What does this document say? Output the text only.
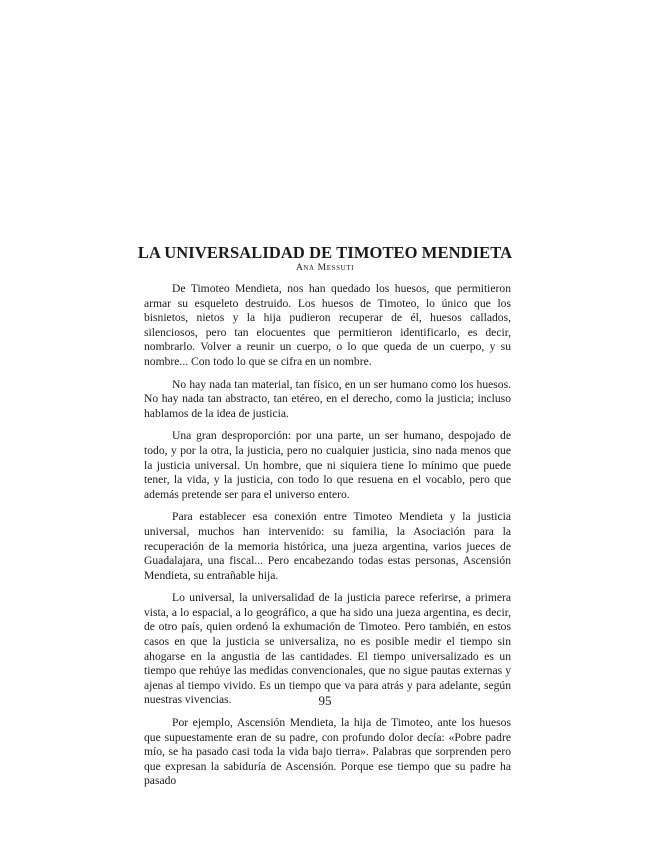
LA UNIVERSALIDAD DE TIMOTEO MENDIETA
Ana Messuti

De Timoteo Mendieta, nos han quedado los huesos, que permitieron armar su esqueleto destruido. Los huesos de Timoteo, lo único que los bisnietos, nietos y la hija pudieron recuperar de él, huesos callados, silenciosos, pero tan elocuentes que permitieron identificarlo, es decir, nombrarlo. Volver a reunir un cuerpo, o lo que queda de un cuerpo, y su nombre... Con todo lo que se cifra en un nombre.

No hay nada tan material, tan físico, en un ser humano como los huesos. No hay nada tan abstracto, tan etéreo, en el derecho, como la justicia; incluso hablamos de la idea de justicia.

Una gran desproporción: por una parte, un ser humano, despojado de todo, y por la otra, la justicia, pero no cualquier justicia, sino nada menos que la justicia universal. Un hombre, que ni siquiera tiene lo mínimo que puede tener, la vida, y la justicia, con todo lo que resuena en el vocablo, pero que además pretende ser para el universo entero.

Para establecer esa conexión entre Timoteo Mendieta y la justicia universal, muchos han intervenido: su familia, la Asociación para la recuperación de la memoria histórica, una jueza argentina, varios jueces de Guadalajara, una fiscal... Pero encabezando todas estas personas, Ascensión Mendieta, su entrañable hija.

Lo universal, la universalidad de la justicia parece referirse, a primera vista, a lo espacial, a lo geográfico, a que ha sido una jueza argentina, es decir, de otro país, quien ordenó la exhumación de Timoteo. Pero también, en estos casos en que la justicia se universaliza, no es posible medir el tiempo sin ahogarse en la angustia de las cantidades. El tiempo universalizado es un tiempo que rehúye las medidas convencionales, que no sigue pautas externas y ajenas al tiempo vivido. Es un tiempo que va para atrás y para adelante, según nuestras vivencias.

Por ejemplo, Ascensión Mendieta, la hija de Timoteo, ante los huesos que supuestamente eran de su padre, con profundo dolor decía: «Pobre padre mío, se ha pasado casi toda la vida bajo tierra». Palabras que sorprenden pero que expresan la sabiduría de Ascensión. Porque ese tiempo que su padre ha pasado

95
